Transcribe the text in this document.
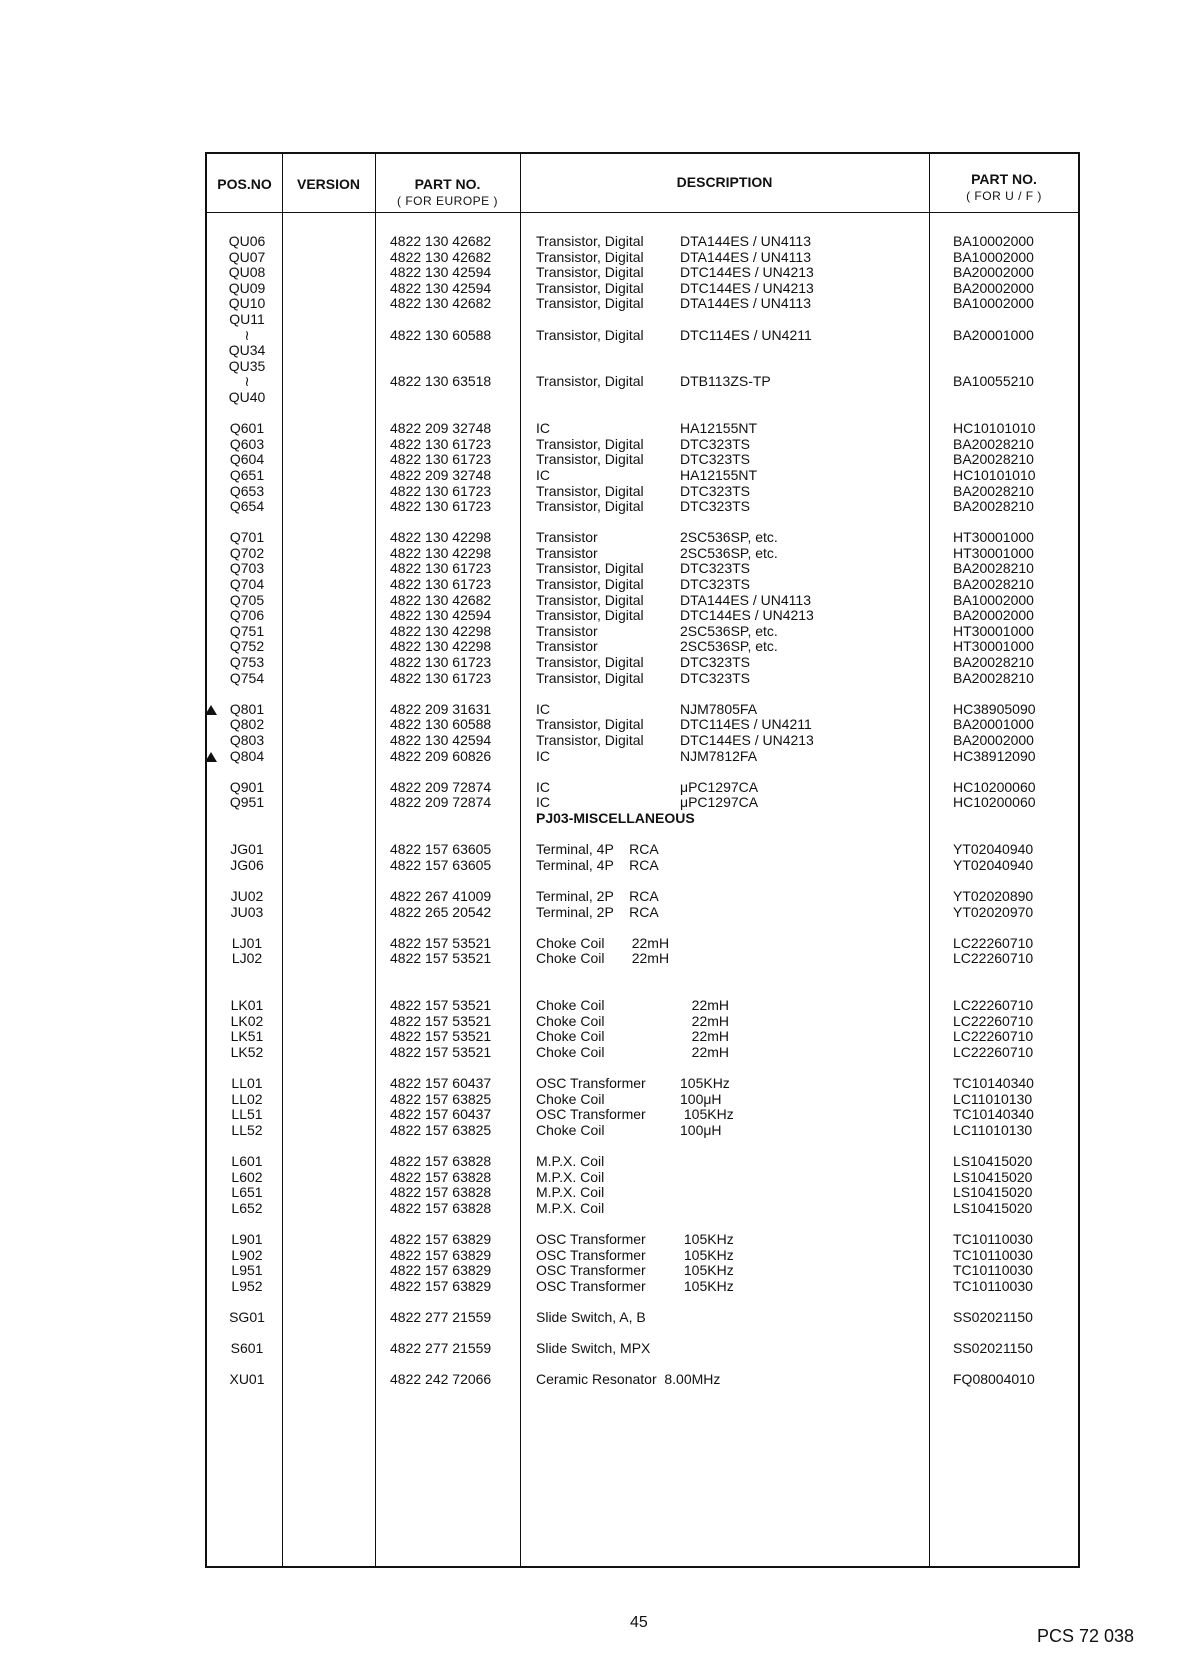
POS.NO	VERSION	PART NO.
( FOR EUROPE )
DESCRIPTION	PART NO.
( FOR U / F )
QU06	4822 130 42682	Transistor, Digital	DTA144ES / UN4113	BA10002000
QU07	4822 130 42682	Transistor, Digital	DTA144ES / UN4113	BA10002000
QU08	4822 130 42594	Transistor, Digital	DTC144ES / UN4213	BA20002000
QU09	4822 130 42594	Transistor, Digital	DTC144ES / UN4213	BA20002000
QU10	4822 130 42682	Transistor, Digital	DTA144ES / UN4113	BA10002000
QU11
≀	4822 130 60588	Transistor, Digital	DTC114ES / UN4211	BA20001000
QU34
QU35
≀	4822 130 63518	Transistor, Digital	DTB113ZS-TP	BA10055210
QU40
Q601	4822 209 32748	IC	HA12155NT	HC10101010
Q603	4822 130 61723	Transistor, Digital	DTC323TS	BA20028210
Q604	4822 130 61723	Transistor, Digital	DTC323TS	BA20028210
Q651	4822 209 32748	IC	HA12155NT	HC10101010
Q653	4822 130 61723	Transistor, Digital	DTC323TS	BA20028210
Q654	4822 130 61723	Transistor, Digital	DTC323TS	BA20028210
Q701	4822 130 42298	Transistor	2SC536SP, etc.	HT30001000
Q702	4822 130 42298	Transistor	2SC536SP, etc.	HT30001000
Q703	4822 130 61723	Transistor, Digital	DTC323TS	BA20028210
Q704	4822 130 61723	Transistor, Digital	DTC323TS	BA20028210
Q705	4822 130 42682	Transistor, Digital	DTA144ES / UN4113	BA10002000
Q706	4822 130 42594	Transistor, Digital	DTC144ES / UN4213	BA20002000
Q751	4822 130 42298	Transistor	2SC536SP, etc.	HT30001000
Q752	4822 130 42298	Transistor	2SC536SP, etc.	HT30001000
Q753	4822 130 61723	Transistor, Digital	DTC323TS	BA20028210
Q754	4822 130 61723	Transistor, Digital	DTC323TS	BA20028210
Q801	4822 209 31631	IC	NJM7805FA	HC38905090
Q802	4822 130 60588	Transistor, Digital	DTC114ES / UN4211	BA20001000
Q803	4822 130 42594	Transistor, Digital	DTC144ES / UN4213	BA20002000
Q804	4822 209 60826	IC	NJM7812FA	HC38912090
Q901	4822 209 72874	IC	μPC1297CA	HC10200060
Q951	4822 209 72874	IC	μPC1297CA	HC10200060
PJ03-MISCELLANEOUS
JG01	4822 157 63605	Terminal, 4P    RCA	YT02040940
JG06	4822 157 63605	Terminal, 4P    RCA	YT02040940
JU02	4822 267 41009	Terminal, 2P    RCA	YT02020890
JU03	4822 265 20542	Terminal, 2P    RCA	YT02020970
LJ01	4822 157 53521	Choke Coil       22mH	LC22260710
LJ02	4822 157 53521	Choke Coil       22mH	LC22260710
LK01	4822 157 53521	Choke Coil	22mH	LC22260710
LK02	4822 157 53521	Choke Coil	22mH	LC22260710
LK51	4822 157 53521	Choke Coil	22mH	LC22260710
LK52	4822 157 53521	Choke Coil	22mH	LC22260710
LL01	4822 157 60437	OSC Transformer 105KHz	TC10140340
LL02	4822 157 63825	Choke Coil	100μH	LC11010130
LL51	4822 157 60437	OSC Transformer 105KHz	TC10140340
LL52	4822 157 63825	Choke Coil	100μH	LC11010130
L601	4822 157 63828	M.P.X. Coil	LS10415020
L602	4822 157 63828	M.P.X. Coil	LS10415020
L651	4822 157 63828	M.P.X. Coil	LS10415020
L652	4822 157 63828	M.P.X. Coil	LS10415020
L901	4822 157 63829	OSC Transformer 105KHz	TC10110030
L902	4822 157 63829	OSC Transformer 105KHz	TC10110030
L951	4822 157 63829	OSC Transformer 105KHz	TC10110030
L952	4822 157 63829	OSC Transformer 105KHz	TC10110030
SG01	4822 277 21559	Slide Switch, A, B	SS02021150
S601	4822 277 21559	Slide Switch, MPX	SS02021150
XU01	4822 242 72066	Ceramic Resonator  8.00MHz	FQ08004010
45
PCS 72 038
